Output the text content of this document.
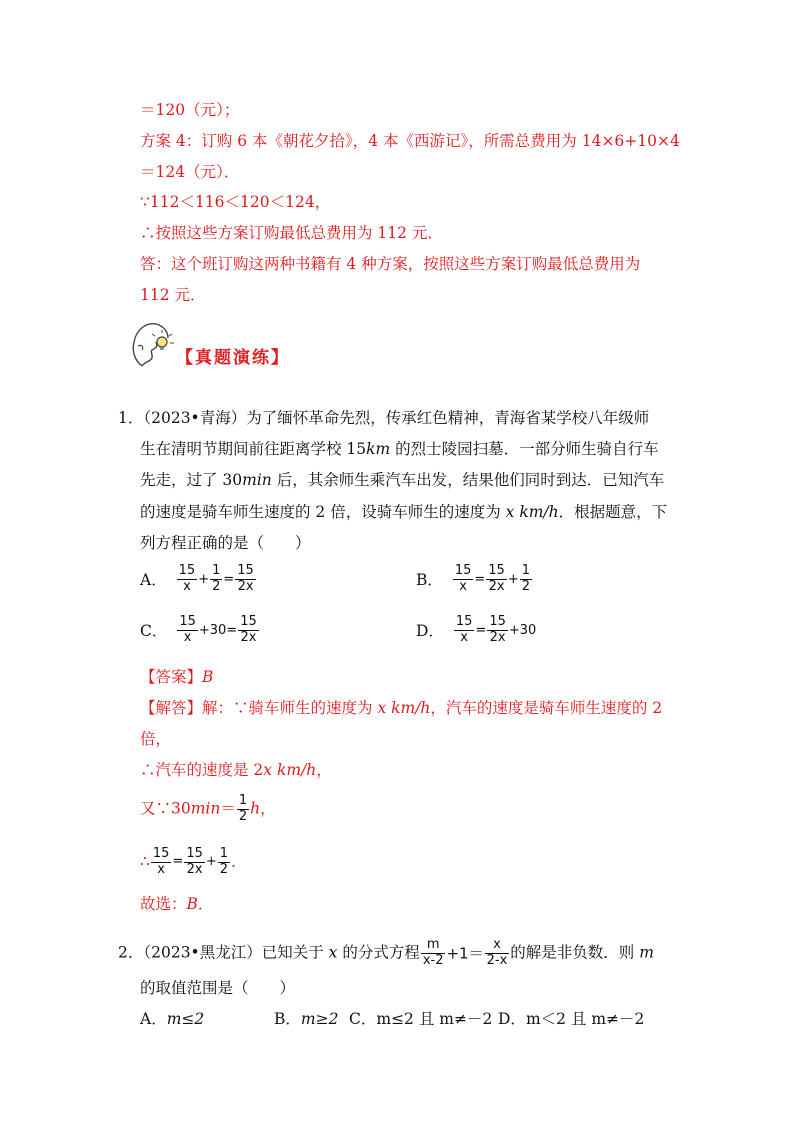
＝120（元）；
方案 4：订购 6 本《朝花夕拾》，4 本《西游记》，所需总费用为 14×6+10×4
＝124（元）．
∵112＜116＜120＜124，
∴按照这些方案订购最低总费用为 112 元．
答：这个班订购这两种书籍有 4 种方案，按照这些方案订购最低总费用为
112 元．
【真题演练】
1．（2023•青海）为了缅怀革命先烈，传承红色精神，青海省某学校八年级师
生在清明节期间前往距离学校 15km 的烈士陵园扫墓．一部分师生骑自行车
先走，过了 30min 后，其余师生乘汽车出发，结果他们同时到达．已知汽车
的速度是骑车师生速度的 2 倍，设骑车师生的速度为 x km/h．根据题意，下
列方程正确的是（　　）
A． $\frac{15}{x} + \frac{1}{2} = \frac{15}{2x}$	B． $\frac{15}{x} = \frac{15}{2x} + \frac{1}{2}$
C． $\frac{15}{x} +30= \frac{15}{2x}$	D． $\frac{15}{x} = \frac{15}{2x} +30$
【答案】B
【解答】解：∵骑车师生的速度为 x km/h，汽车的速度是骑车师生速度的 2
倍，
∴汽车的速度是 2x km/h，
又∵30min＝ $\frac{1}{2}$ h，
∴ $\frac{15}{x} = \frac{15}{2x} + \frac{1}{2}$ ．
故选：B．
2．（2023•黑龙江）已知关于 x 的分式方程 $\frac{m}{x-2} +1= \frac{x}{2-x}$ 的解是非负数．则 m
的取值范围是（　　）
A．m≤2	B．m≥2 C．m≤2 且 m≠－2 D．m＜2 且 m≠－2
